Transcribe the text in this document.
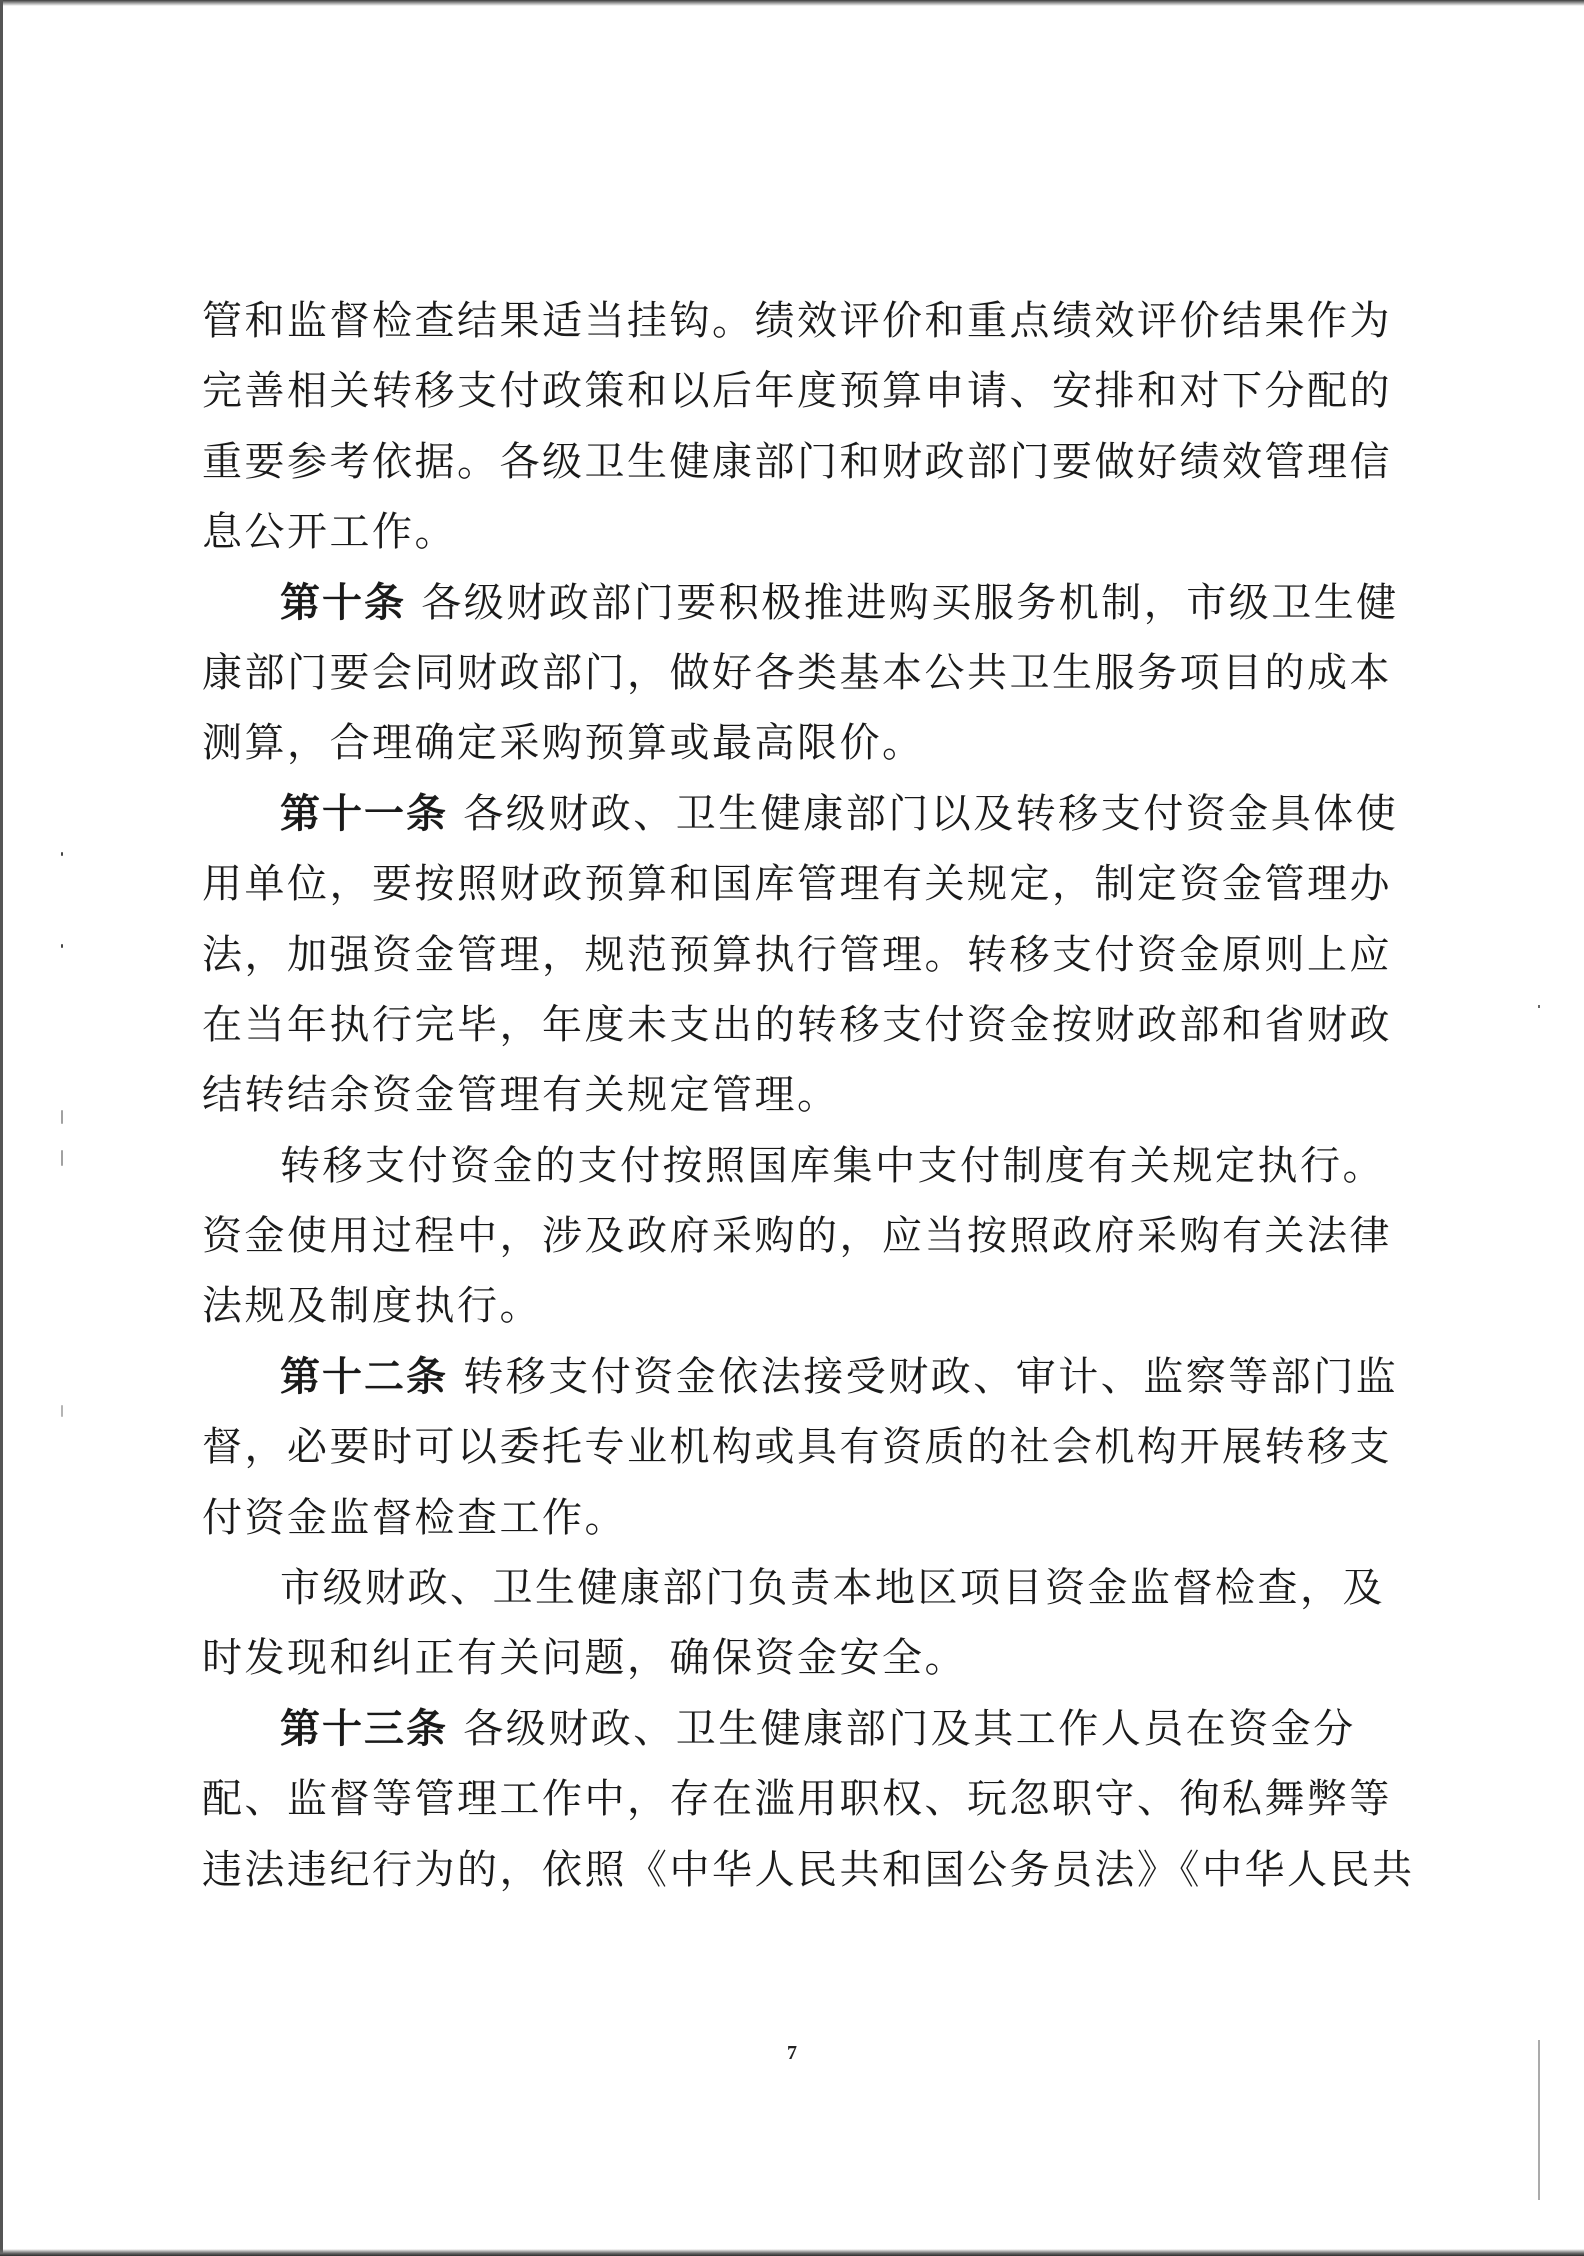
管和监督检查结果适当挂钩。绩效评价和重点绩效评价结果作为
完善相关转移支付政策和以后年度预算申请、安排和对下分配的
重要参考依据。各级卫生健康部门和财政部门要做好绩效管理信
息公开工作。
第十条 各级财政部门要积极推进购买服务机制，市级卫生健
康部门要会同财政部门，做好各类基本公共卫生服务项目的成本
测算，合理确定采购预算或最高限价。
第十一条 各级财政、卫生健康部门以及转移支付资金具体使
用单位，要按照财政预算和国库管理有关规定，制定资金管理办
法，加强资金管理，规范预算执行管理。转移支付资金原则上应
在当年执行完毕，年度未支出的转移支付资金按财政部和省财政
结转结余资金管理有关规定管理。
转移支付资金的支付按照国库集中支付制度有关规定执行。
资金使用过程中，涉及政府采购的，应当按照政府采购有关法律
法规及制度执行。
第十二条 转移支付资金依法接受财政、审计、监察等部门监
督，必要时可以委托专业机构或具有资质的社会机构开展转移支
付资金监督检查工作。
市级财政、卫生健康部门负责本地区项目资金监督检查，及
时发现和纠正有关问题，确保资金安全。
第十三条 各级财政、卫生健康部门及其工作人员在资金分
配、监督等管理工作中，存在滥用职权、玩忽职守、徇私舞弊等
违法违纪行为的，依照《中华人民共和国公务员法》《中华人民共
7
